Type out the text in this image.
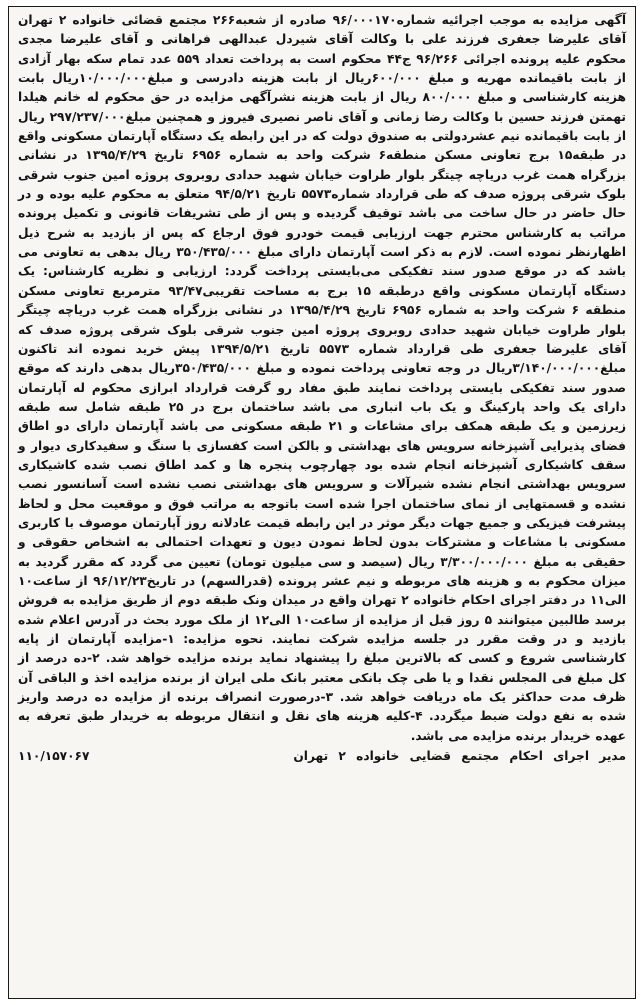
آگهی مزایده به موجب اجرائیه شماره۹۶/۰۰۰۱۷۰ صادره از شعبه۲۶۶ مجتمع قضائی خانواده ۲ تهران آقای علیرضا جعفری فرزند علی با وکالت آقای شیردل عبدالهی فراهانی و آقای علیرضا مجدی محکوم علیه پرونده اجرائی ۹۶/۲۶۶ ج۴۴ محکوم است به پرداخت تعداد ۵۵۹ عدد تمام سکه بهار آزادی از بابت باقیمانده مهریه و مبلغ ۶۰۰/۰۰۰ریال از بابت هزینه دادرسی و مبلغ۱۰/۰۰۰/۰۰۰ریال بابت هزینه کارشناسی و مبلغ ۸۰۰/۰۰۰ ریال از بابت هزینه نشرآگهی مزایده در حق محکوم له خانم هیلدا تهمتن فرزند حسین با وکالت رضا زمانی و آقای ناصر نصیری فیروز و همچنین مبلغ۲۹۷/۲۳۷/۰۰۰ ریال از بابت باقیمانده نیم عشردولتی به صندوق دولت که در این رابطه یک دستگاه آپارتمان مسکونی واقع در طبقه۱۵ برج تعاونی مسکن منطقه۶ شرکت واحد به شماره ۶۹۵۶ تاریخ ۱۳۹۵/۴/۲۹ در نشانی بزرگراه همت غرب دریاچه چیتگر بلوار طراوت خیابان شهید حدادی روبروی پروژه امین جنوب شرقی بلوک شرقی پروژه صدف که طی قرارداد شماره۵۵۷۳ تاریخ ۹۴/۵/۲۱ متعلق به محکوم علیه بوده و در حال حاضر در حال ساخت می باشد توقیف گردیده و پس از طی تشریفات قانونی و تکمیل پرونده مراتب به کارشناس محترم جهت ارزیابی قیمت خودرو فوق ارجاع که پس از بازدید به شرح ذیل اظهارنظر نموده است. لازم به ذکر است آپارتمان دارای مبلغ ۳۵۰/۴۳۵/۰۰۰ ریال بدهی به تعاونی می باشد که در موقع صدور سند تفکیکی می‌بایستی پرداخت گردد: ارزیابی و نظریه کارشناس: یک دستگاه آپارتمان مسکونی واقع درطبقه ۱۵ برج به مساحت تقریبی۹۳/۴۷ مترمربع تعاونی مسکن منطقه ۶ شرکت واحد به شماره ۶۹۵۶ تاریخ ۱۳۹۵/۴/۲۹ در نشانی بزرگراه همت غرب دریاچه چیتگر بلوار طراوت خیابان شهید حدادی روبروی پروژه امین جنوب شرقی بلوک شرقی پروژه صدف که آقای علیرضا جعفری طی قرارداد شماره ۵۵۷۳ تاریخ ۱۳۹۴/۵/۲۱ پیش خرید نموده اند تاکنون مبلغ۳/۱۴۰/۰۰۰/۰۰۰ریال در وجه تعاونی پرداخت نموده و مبلغ ۳۵۰/۴۳۵/۰۰۰ریال بدهی دارند که موقع صدور سند تفکیکی بایستی پرداخت نمایند طبق مفاد رو گرفت قرارداد ابرازی محکوم له آپارتمان دارای یک واحد پارکینگ و یک باب انباری می باشد ساختمان برج در ۲۵ طبقه شامل سه طبقه زیرزمین و یک طبقه همکف برای مشاعات و ۲۱ طبقه مسکونی می باشد آپارتمان دارای دو اطاق فضای پذیرایی آشپزخانه سرویس های بهداشتی و بالکن است کفسازی با سنگ و سفیدکاری دیوار و سقف کاشیکاری آشپزخانه انجام شده بود چهارچوب پنجره ها و کمد اطاق نصب شده کاشیکاری سرویس بهداشتی انجام نشده شیرآلات و سرویس های بهداشتی نصب نشده است آسانسور نصب نشده و قسمتهایی از نمای ساختمان اجرا شده است باتوجه به مراتب فوق و موقعیت محل و لحاظ پیشرفت فیزیکی و جمیع جهات دیگر موثر در این رابطه قیمت عادلانه روز آپارتمان موصوف با کاربری مسکونی با مشاعات و مشترکات بدون لحاظ نمودن دیون و تعهدات احتمالی به اشخاص حقوقی و حقیقی به مبلغ ۳/۳۰۰/۰۰۰/۰۰۰ ریال (سیصد و سی میلیون تومان) تعیین می گردد که مقرر گردید به میزان محکوم به و هزینه های مربوطه و نیم عشر پرونده (قدرالسهم) در تاریخ۹۶/۱۲/۲۳ از ساعت۱۰ الی۱۱ در دفتر اجرای احکام خانواده ۲ تهران واقع در میدان ونک طبقه دوم از طریق مزایده به فروش برسد طالبین میتوانند ۵ روز قبل از مزایده از ساعت۱۰ الی۱۲ از ملک مورد بحث در آدرس اعلام شده بازدید و در وقت مقرر در جلسه مزایده شرکت نمایند. نحوه مزایده: ۱-مزایده آپارتمان از پایه کارشناسی شروع و کسی که بالاترین مبلغ را پیشنهاد نماید برنده مزایده خواهد شد. ۲-ده درصد از کل مبلغ فی المجلس نقدا و یا طی چک بانکی معتبر بانک ملی ایران از برنده مزایده اخذ و الباقی آن ظرف مدت حداکثر یک ماه دریافت خواهد شد. ۳-درصورت انصراف برنده از مزایده ده درصد واریز شده به نفع دولت ضبط میگردد. ۴-کلیه هزینه های نقل و انتقال مربوطه به خریدار طبق تعرفه به عهده خریدار برنده مزایده می باشد.

مدیر اجرای احکام مجتمع قضایی خانواده ۲ تهران
۱۱۰/۱۵۷۰۶۷
